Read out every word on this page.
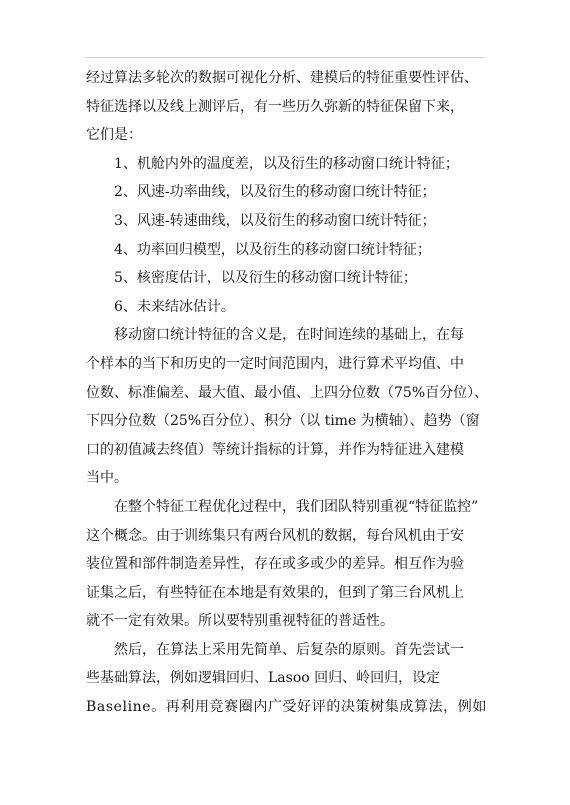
经过算法多轮次的数据可视化分析、建模后的特征重要性评估、
特征选择以及线上测评后，有一些历久弥新的特征保留下来，
它们是：
1、机舱内外的温度差，以及衍生的移动窗口统计特征；
2、风速-功率曲线，以及衍生的移动窗口统计特征；
3、风速-转速曲线，以及衍生的移动窗口统计特征；
4、功率回归模型，以及衍生的移动窗口统计特征；
5、核密度估计，以及衍生的移动窗口统计特征；
6、未来结冰估计。
移动窗口统计特征的含义是，在时间连续的基础上，在每
个样本的当下和历史的一定时间范围内，进行算术平均值、中
位数、标准偏差、最大值、最小值、上四分位数（75%百分位）、
下四分位数（25%百分位）、积分（以 time 为横轴）、趋势（窗
口的初值减去终值）等统计指标的计算，并作为特征进入建模
当中。
在整个特征工程优化过程中，我们团队特别重视“特征监控”
这个概念。由于训练集只有两台风机的数据，每台风机由于安
装位置和部件制造差异性，存在或多或少的差异。相互作为验
证集之后，有些特征在本地是有效果的，但到了第三台风机上
就不一定有效果。所以要特别重视特征的普适性。
然后，在算法上采用先简单、后复杂的原则。首先尝试一
些基础算法，例如逻辑回归、Lasoo 回归、岭回归，设定
Baseline。再利用竞赛圈内广受好评的决策树集成算法，例如
